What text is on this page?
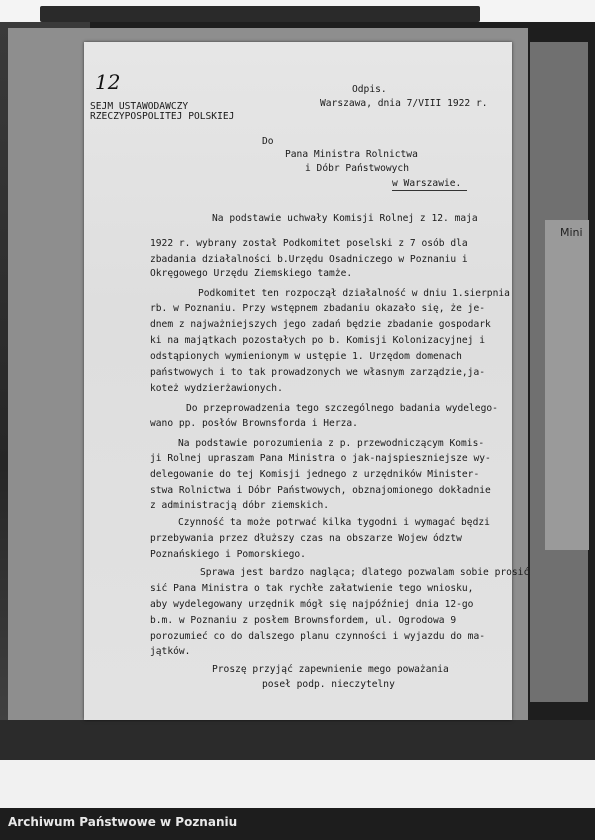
Mini
12
SEJM USTAWODAWCZY
RZECZYPOSPOLITEJ POLSKIEJ
Odpis.
Warszawa, dnia 7/VIII 1922 r.
Do
Pana Ministra Rolnictwa
i Dóbr Państwowych
w Warszawie.
Na podstawie uchwały Komisji Rolnej z 12. maja
1922 r. wybrany został Podkomitet poselski z 7 osób dla
zbadania działalności b.Urzędu Osadniczego w Poznaniu i
Okręgowego Urzędu Ziemskiego tamże.
Podkomitet ten rozpoczął działalność w dniu 1.sierpnia
rb. w Poznaniu. Przy wstępnem zbadaniu okazało się, że je-
dnem z najważniejszych jego zadań będzie zbadanie gospodark
ki na majątkach pozostałych po b. Komisji Kolonizacyjnej i
odstąpionych wymienionym w ustępie 1. Urzędom domenach
państwowych i to tak prowadzonych we własnym zarządzie,ja-
koteż wydzierżawionych.
Do przeprowadzenia tego szczególnego badania wydelego-
wano pp. posłów Brownsforda i Herza.
Na podstawie porozumienia z p. przewodniczącym Komis-
ji Rolnej upraszam Pana Ministra o jak-najspieszniejsze wy-
delegowanie do tej Komisji jednego z urzędników Minister-
stwa Rolnictwa i Dóbr Państwowych, obznajomionego dokładnie
z administracją dóbr ziemskich.
Czynność ta może potrwać kilka tygodni i wymagać będzi
przebywania przez dłuższy czas na obszarze Wojew ództw
Poznańskiego i Pomorskiego.
Sprawa jest bardzo nagląca; dlatego pozwalam sobie prosić
sić Pana Ministra o tak rychłe załatwienie tego wniosku,
aby wydelegowany urzędnik mógł się najpóźniej dnia 12-go
b.m. w Poznaniu z posłem Brownsfordem, ul. Ogrodowa 9
porozumieć co do dalszego planu czynności i wyjazdu do ma-
jątków.
Proszę przyjąć zapewnienie mego poważania
poseł podp. nieczytelny
Archiwum Państwowe w Poznaniu
